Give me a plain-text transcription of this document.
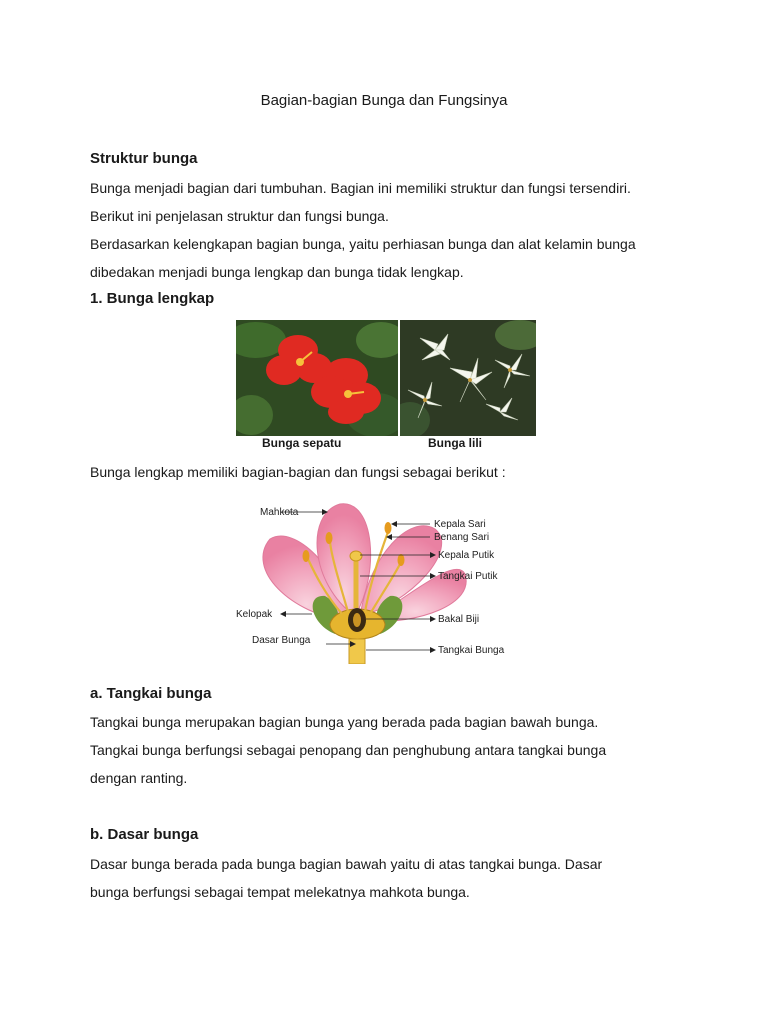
Bagian-bagian Bunga dan Fungsinya
Struktur bunga

Bunga menjadi bagian dari tumbuhan. Bagian ini memiliki struktur dan fungsi tersendiri.

Berikut ini penjelasan struktur dan fungsi bunga.

Berdasarkan kelengkapan bagian bunga, yaitu perhiasan bunga dan alat kelamin bunga

dibedakan menjadi bunga lengkap dan bunga tidak lengkap.

1. Bunga lengkap
Bunga sepatu	Bunga lili

Bunga lengkap memiliki bagian-bagian dan fungsi sebagai berikut :

Mahkota
Kepala Sari
Benang Sari
Kepala Putik
Tangkai Putik
Kelopak	Bakal Biji
Dasar Bunga
Tangkai Bunga
a. Tangkai bunga

Tangkai bunga merupakan bagian bunga yang berada pada bagian bawah bunga.

Tangkai bunga berfungsi sebagai penopang dan penghubung antara tangkai bunga

dengan ranting.

b. Dasar bunga

Dasar bunga berada pada bunga bagian bawah yaitu di atas tangkai bunga. Dasar

bunga berfungsi sebagai tempat melekatnya mahkota bunga.
